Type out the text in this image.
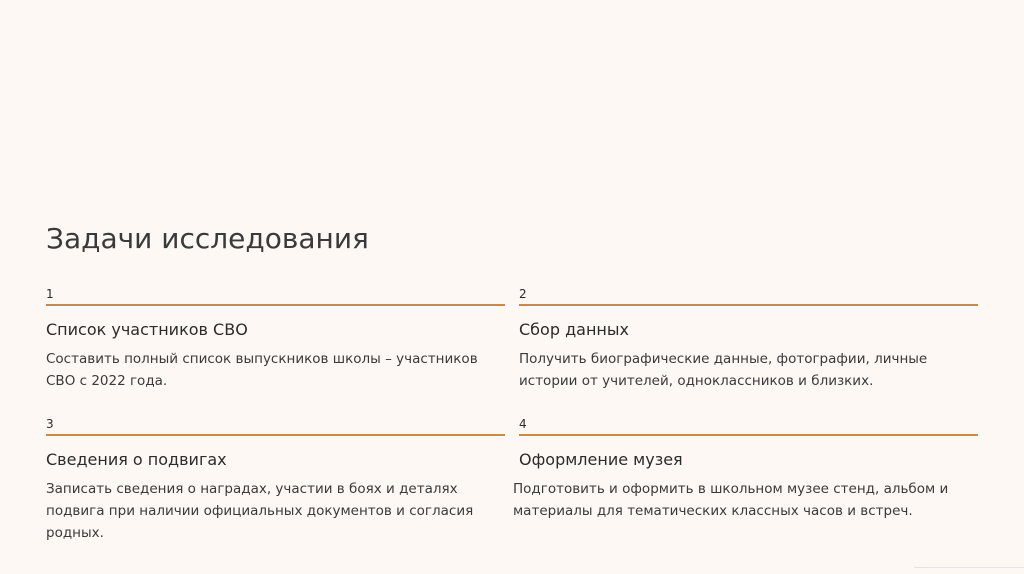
Задачи исследования
1
Список участников СВО
Составить полный список выпускников школы – участников СВО с 2022 года.
2
Сбор данных
Получить биографические данные, фотографии, личные истории от учителей, одноклассников и близких.
3
Сведения о подвигах
Записать сведения о наградах, участии в боях и деталях подвига при наличии официальных документов и согласия родных.
4
Оформление музея
Подготовить и оформить в школьном музее стенд, альбом и материалы для тематических классных часов и встреч.
